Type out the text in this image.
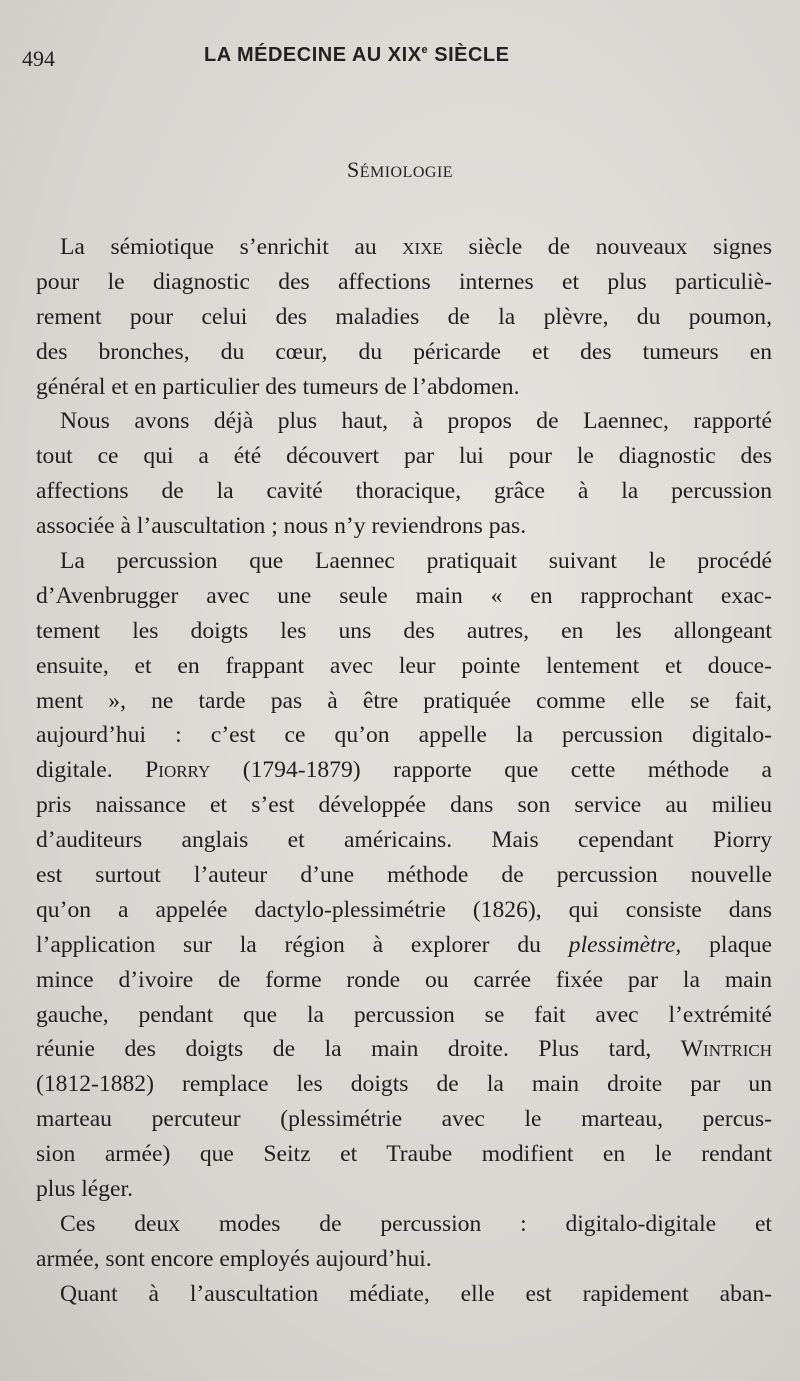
494	LA MÉDECINE AU XIXe SIÈCLE
SÉMIOLOGIE
La sémiotique s’enrichit au xixe siècle de nouveaux signes
pour le diagnostic des affections internes et plus particuliè-
rement pour celui des maladies de la plèvre, du poumon,
des bronches, du cœur, du péricarde et des tumeurs en
général et en particulier des tumeurs de l’abdomen.
Nous avons déjà plus haut, à propos de Laennec, rapporté
tout ce qui a été découvert par lui pour le diagnostic des
affections de la cavité thoracique, grâce à la percussion
associée à l’auscultation ; nous n’y reviendrons pas.
La percussion que Laennec pratiquait suivant le procédé
d’Avenbrugger avec une seule main « en rapprochant exac-
tement les doigts les uns des autres, en les allongeant
ensuite, et en frappant avec leur pointe lentement et douce-
ment », ne tarde pas à être pratiquée comme elle se fait,
aujourd’hui : c’est ce qu’on appelle la percussion digitalo-
digitale. Piorry (1794-1879) rapporte que cette méthode a
pris naissance et s’est développée dans son service au milieu
d’auditeurs anglais et américains. Mais cependant Piorry
est surtout l’auteur d’une méthode de percussion nouvelle
qu’on a appelée dactylo-plessimétrie (1826), qui consiste dans
l’application sur la région à explorer du plessimètre, plaque
mince d’ivoire de forme ronde ou carrée fixée par la main
gauche, pendant que la percussion se fait avec l’extrémité
réunie des doigts de la main droite. Plus tard, Wintrich
(1812-1882) remplace les doigts de la main droite par un
marteau percuteur (plessimétrie avec le marteau, percus-
sion armée) que Seitz et Traube modifient en le rendant
plus léger.
Ces deux modes de percussion : digitalo-digitale et
armée, sont encore employés aujourd’hui.
Quant à l’auscultation médiate, elle est rapidement aban-
